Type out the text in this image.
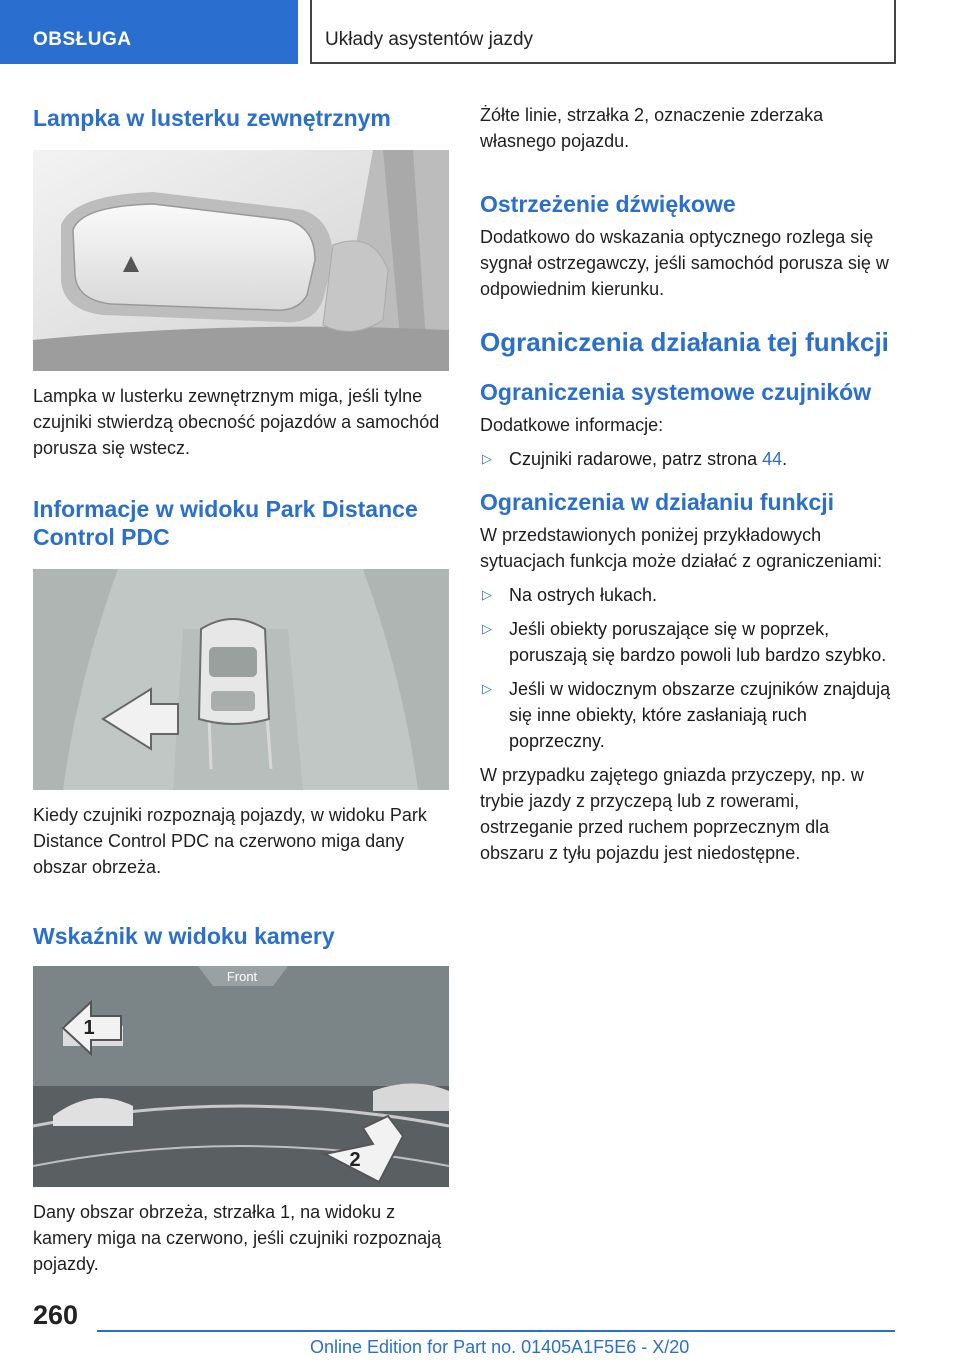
OBSŁUGA	Układy asystentów jazdy
Lampka w lusterku zewnętrznym

Lampka w lusterku zewnętrznym miga, jeśli tylne czujniki stwierdzą obecność pojazdów a samochód porusza się wstecz.

Informacje w widoku Park Distance Control PDC

Kiedy czujniki rozpoznają pojazdy, w widoku Park Distance Control PDC na czerwono miga dany obszar obrzeża.

Wskaźnik w widoku kamery
Front
1
2

Dany obszar obrzeża, strzałka 1, na widoku z kamery miga na czerwono, jeśli czujniki rozpoznają pojazdy.

Żółte linie, strzałka 2, oznaczenie zderzaka własnego pojazdu.

Ostrzeżenie dźwiękowe

Dodatkowo do wskazania optycznego rozlega się sygnał ostrzegawczy, jeśli samochód porusza się w odpowiednim kierunku.

Ograniczenia działania tej funkcji
Ograniczenia systemowe czujników

Dodatkowe informacje:

▷ Czujniki radarowe, patrz strona 44.
Ograniczenia w działaniu funkcji

W przedstawionych poniżej przykładowych sytuacjach funkcja może działać z ograniczeniami:

▷ Na ostrych łukach.
▷ Jeśli obiekty poruszające się w poprzek, poruszają się bardzo powoli lub bardzo szybko.
▷ Jeśli w widocznym obszarze czujników znajdują się inne obiekty, które zasłaniają ruch poprzeczny.

W przypadku zajętego gniazda przyczepy, np. w trybie jazdy z przyczepą lub z rowerami, ostrzeganie przed ruchem poprzecznym dla obszaru z tyłu pojazdu jest niedostępne.

260
Online Edition for Part no. 01405A1F5E6 - X/20
